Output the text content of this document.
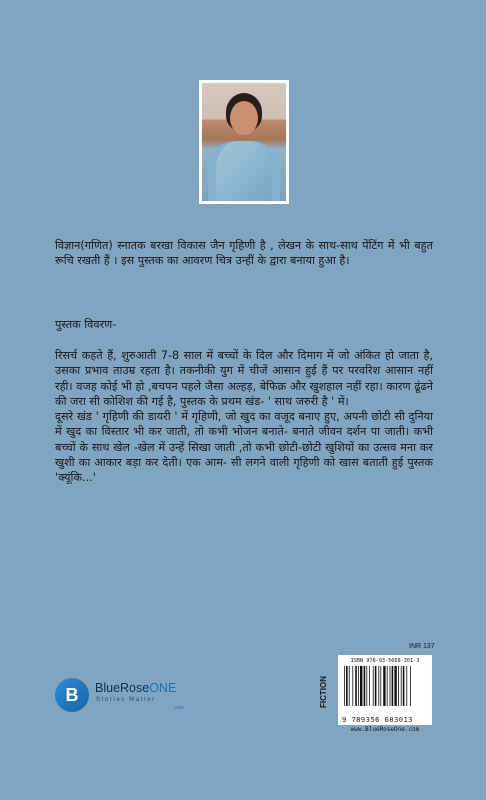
विज्ञान(गणित) स्नातक बरखा विकास जैन गृहिणी है , लेखन के साथ-साथ पेंटिंग में भी बहुत रूचि रखती हैं । इस पुस्तक का आवरण चित्र उन्हीं के द्वारा बनाया हुआ है।

पुस्तक विवरण-

रिसर्च कहते हैं, शुरुआती 7-8 साल में बच्चों के दिल और दिमाग में जो अंकित हो जाता है, उसका प्रभाव ताउम्र रहता है। तकनीकी युग में चीजें आसान हुई हैं पर परवरिश आसान नहीं रही। वजह कोई भी हो ,बचपन पहले जैसा अल्हड़, बेफिक्र और खुशहाल नहीं रहा। कारण ढूंढने की जरा सी कोशिश की गई है, पुस्तक के प्रथम खंड- ' साथ जरुरी है ' में।

दूसरे खंड ' गृहिणी की डायरी ' में गृहिणी, जो खुद का वजूद बनाए हुए, अपनी छोटी सी दुनिया में खुद का विस्तार भी कर जाती, तो कभी भोजन बनाते- बनाते जीवन दर्शन पा जाती। कभी बच्चों के साथ खेल -खेल में उन्हें सिखा जाती ,तो कभी छोटी-छोटी खुशियों का उत्सव मना कर खुशी का आकार बड़ा कर देती। एक आम- सी लगने वाली गृहिणी को खास बताती हुई पुस्तक 'क्यूंकि...'

B	BlueRoseONE
Stories Matter
.com
INR 137
FICTION
ISBN 978-93-5668-301-3
9 789356 683013
www.BlueRoseOne.com
